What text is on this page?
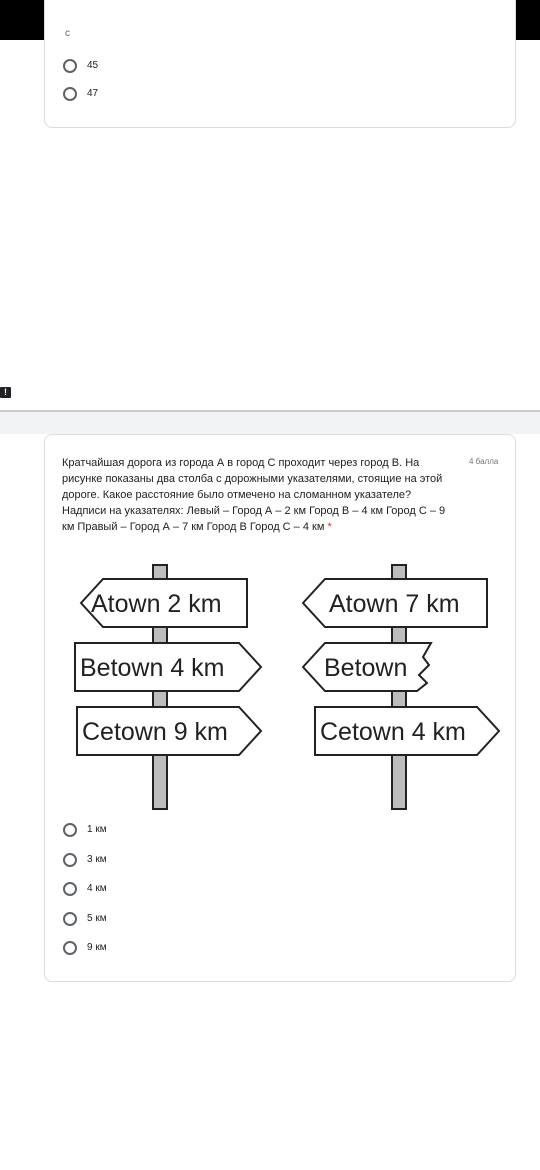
с
45
47
!

Кратчайшая дорога из города А в город С проходит через город В. На рисунке показаны два столба с дорожными указателями, стоящие на этой дороге. Какое расстояние было отмечено на сломанном указателе? Надписи на указателях: Левый – Город А – 2 км Город В – 4 км Город С – 9 км Правый – Город А – 7 км Город В Город С – 4 км *

4 балла
Atown 2 km
Betown 4 km
Cetown 9 km
Atown 7 km
Betown
Cetown 4 km
1 км
3 км
4 км
5 км
9 км
